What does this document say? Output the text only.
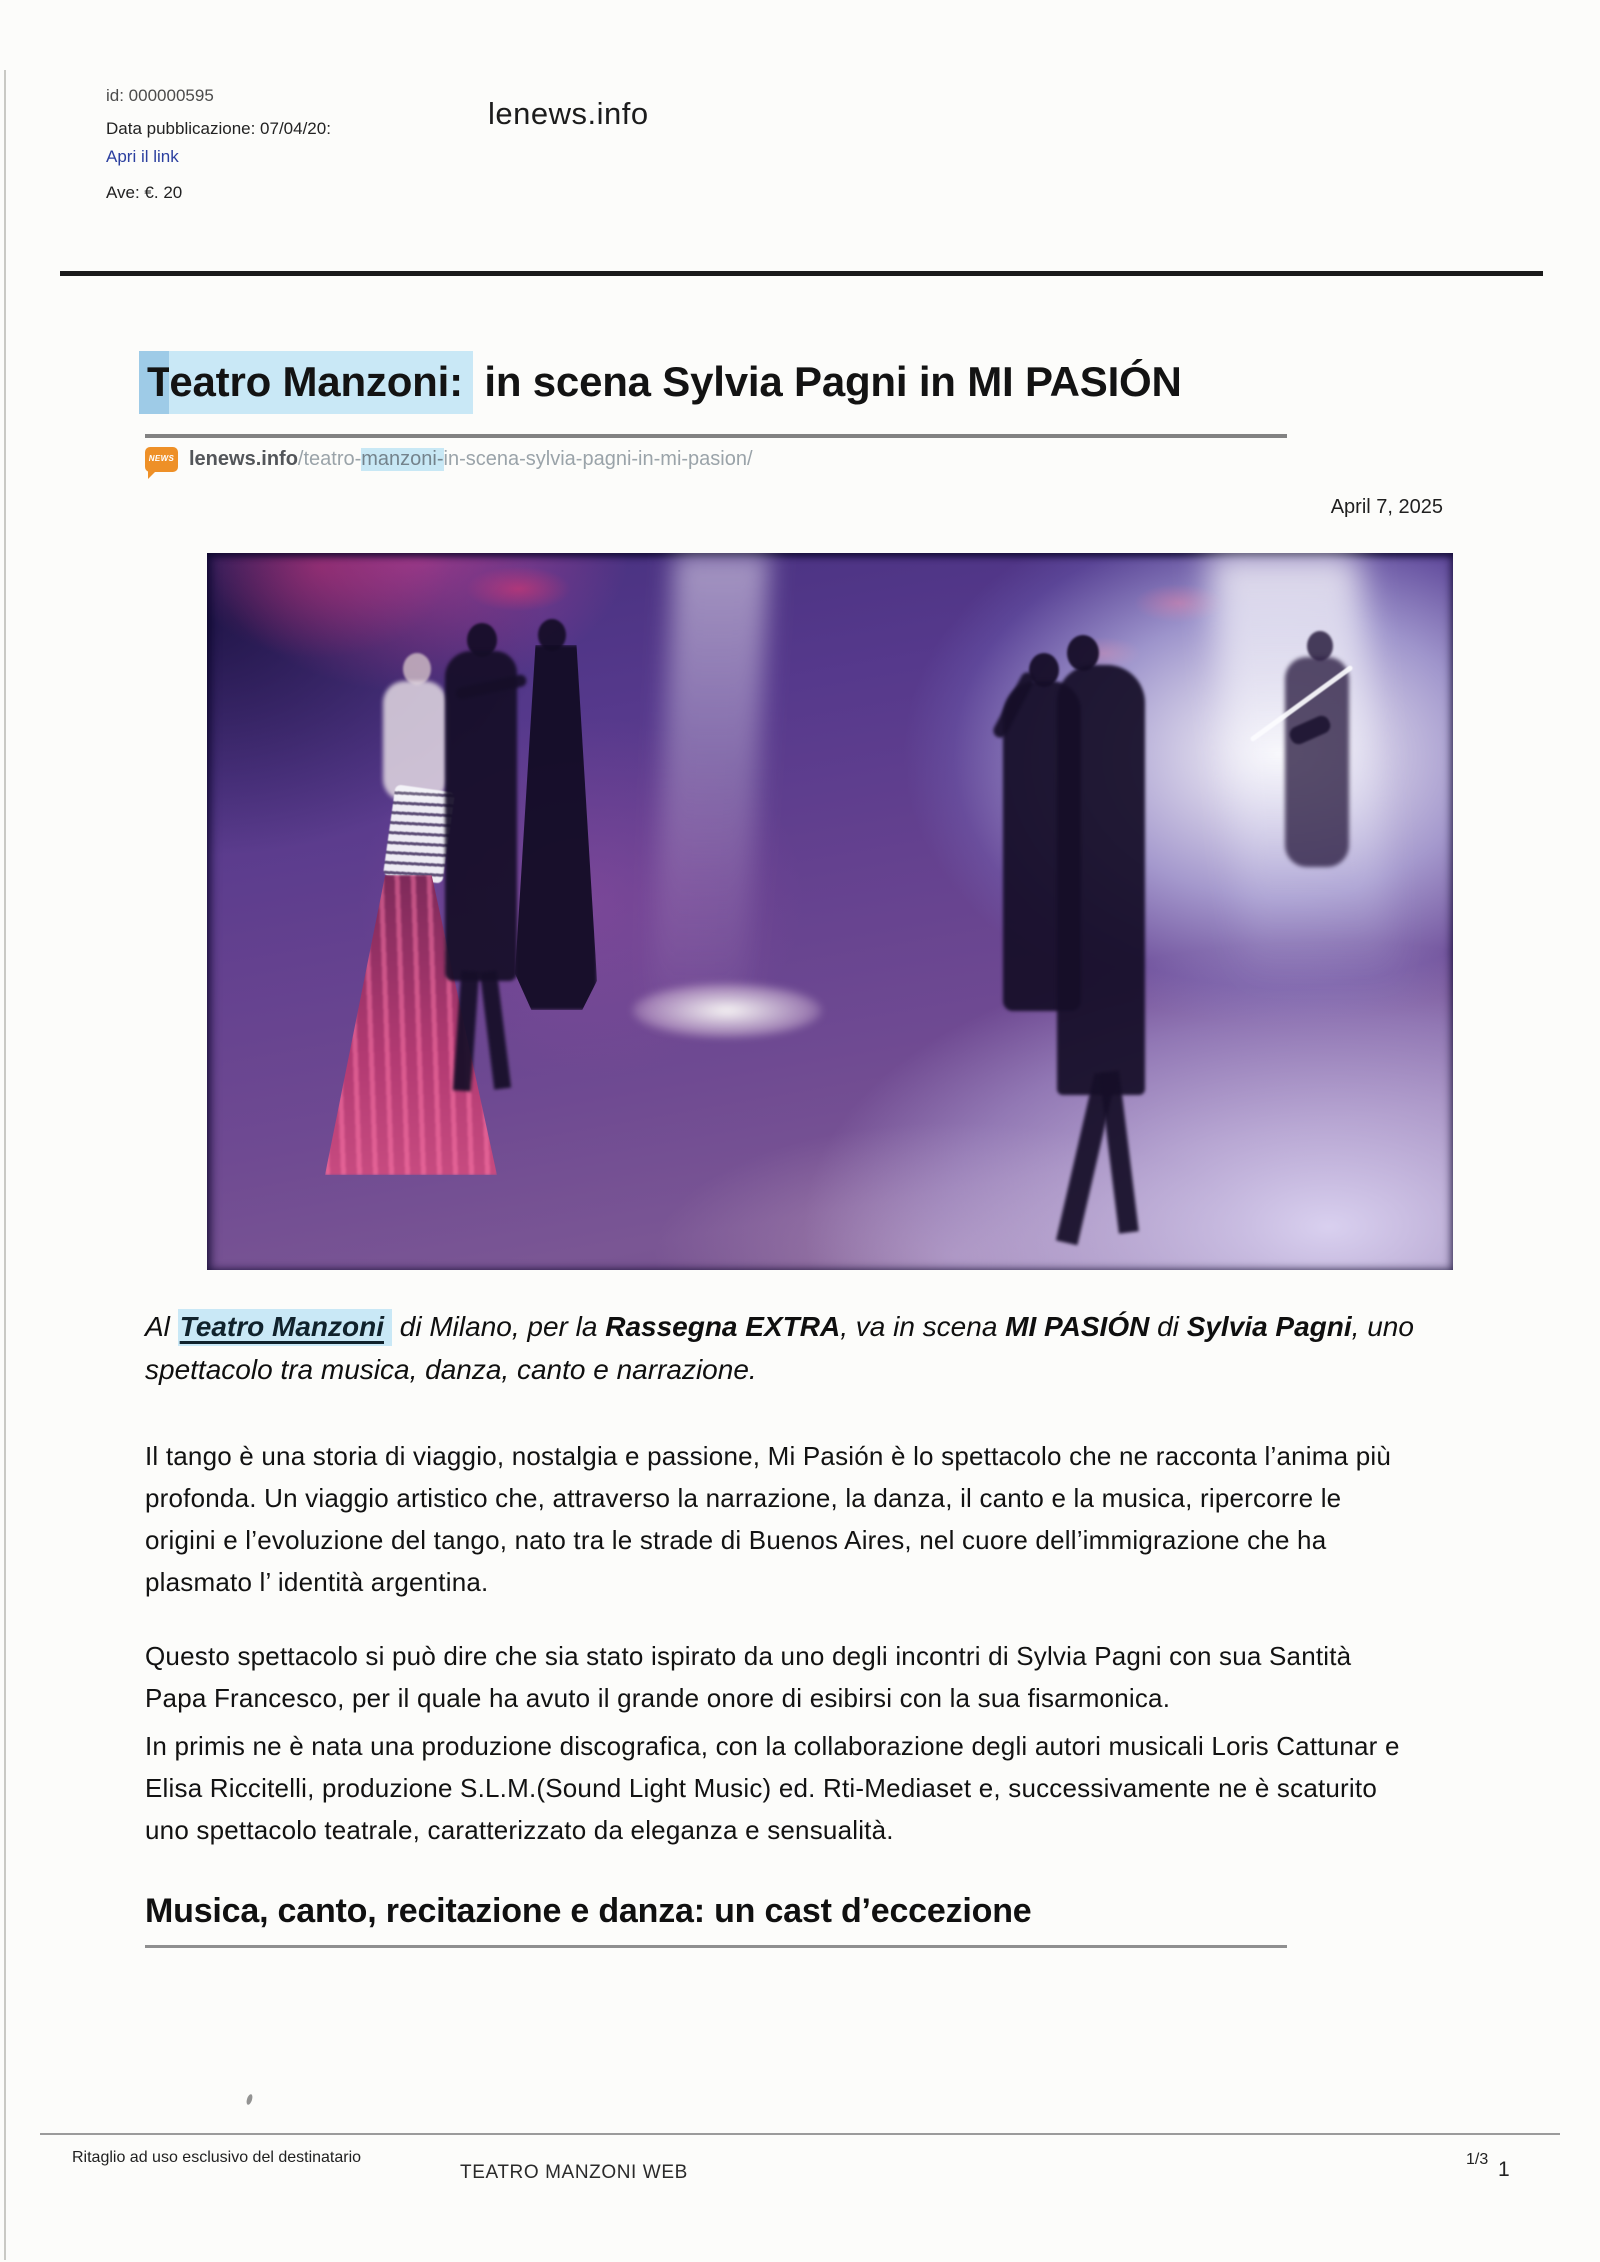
id: 000000595
Data pubblicazione: 07/04/20:
Apri il link
Ave: €. 20
lenews.info
Teatro Manzoni: in scena Sylvia Pagni in MI PASIÓN
NEWS lenews.info /teatro- manzoni- in-scena-sylvia-pagni-in-mi-pasion/
April 7, 2025

Al Teatro Manzoni di Milano, per la Rassegna EXTRA, va in scena MI PASIÓN di Sylvia Pagni, uno spettacolo tra musica, danza, canto e narrazione.

Il tango è una storia di viaggio, nostalgia e passione, Mi Pasión è lo spettacolo che ne racconta l’anima più profonda. Un viaggio artistico che, attraverso la narrazione, la danza, il canto e la musica, ripercorre le origini e l’evoluzione del tango, nato tra le strade di Buenos Aires, nel cuore dell’immigrazione che ha plasmato l’ identità argentina.

Questo spettacolo si può dire che sia stato ispirato da uno degli incontri di Sylvia Pagni con sua Santità Papa Francesco, per il quale ha avuto il grande onore di esibirsi con la sua fisarmonica.

In primis ne è nata una produzione discografica, con la collaborazione degli autori musicali Loris Cattunar e Elisa Riccitelli, produzione S.L.M.(Sound Light Music) ed. Rti-Mediaset e, successivamente ne è scaturito uno spettacolo teatrale, caratterizzato da eleganza e sensualità.

Musica, canto, recitazione e danza: un cast d’eccezione
Ritaglio ad uso esclusivo del destinatario
TEATRO MANZONI WEB
1/3 1
